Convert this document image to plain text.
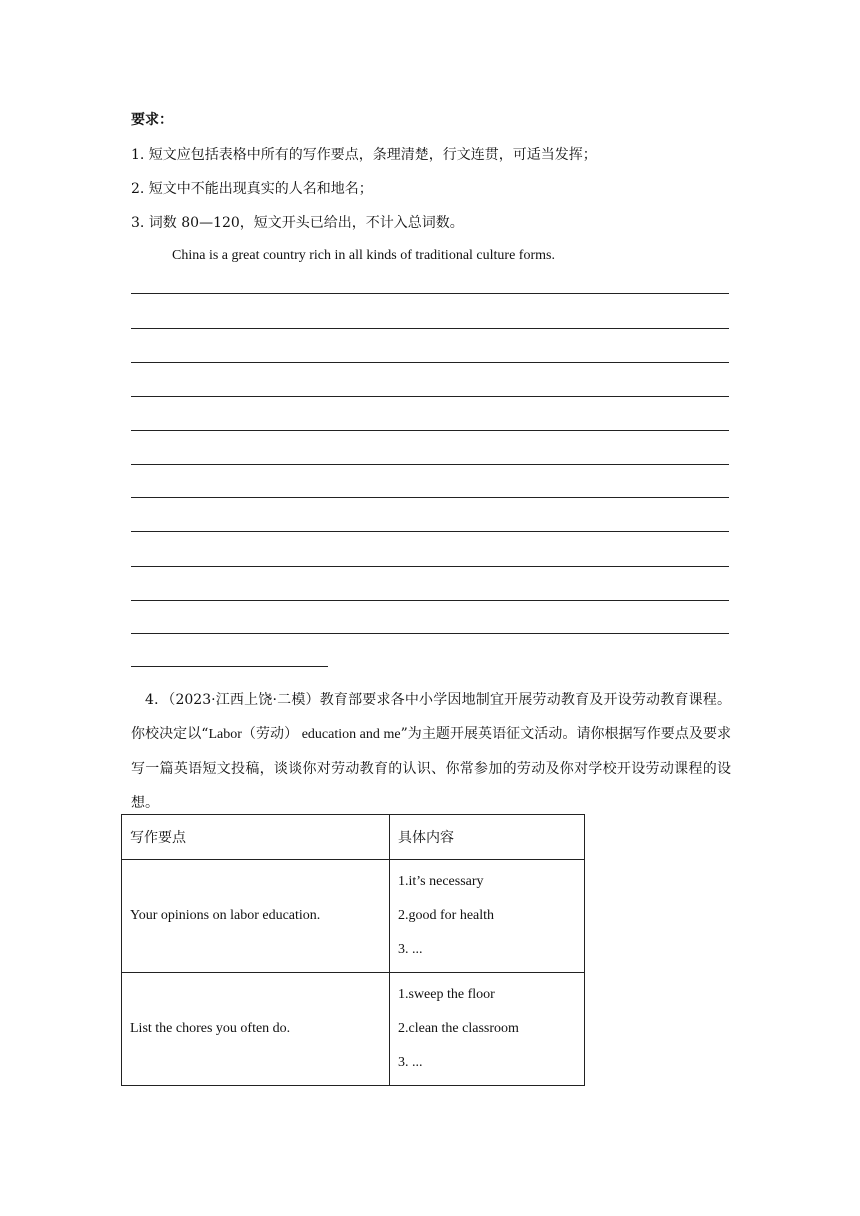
要求：
1. 短文应包括表格中所有的写作要点，条理清楚，行文连贯，可适当发挥；
2. 短文中不能出现真实的人名和地名；
3. 词数 80—120，短文开头已给出，不计入总词数。
China is a great country rich in all kinds of traditional culture forms.
4．（2023·江西上饶·二模）教育部要求各中小学因地制宜开展劳动教育及开设劳动教育课程。你校决定以“Labor（劳动） education and me”为主题开展英语征文活动。请你根据写作要点及要求写一篇英语短文投稿，谈谈你对劳动教育的认识、你常参加的劳动及你对学校开设劳动课程的设想。
写作要点	具体内容
Your opinions on labor education.	1.it’s necessary
2.good for health
3. ...

List the chores you often do.	1.sweep the floor
2.clean the classroom
3. ...
